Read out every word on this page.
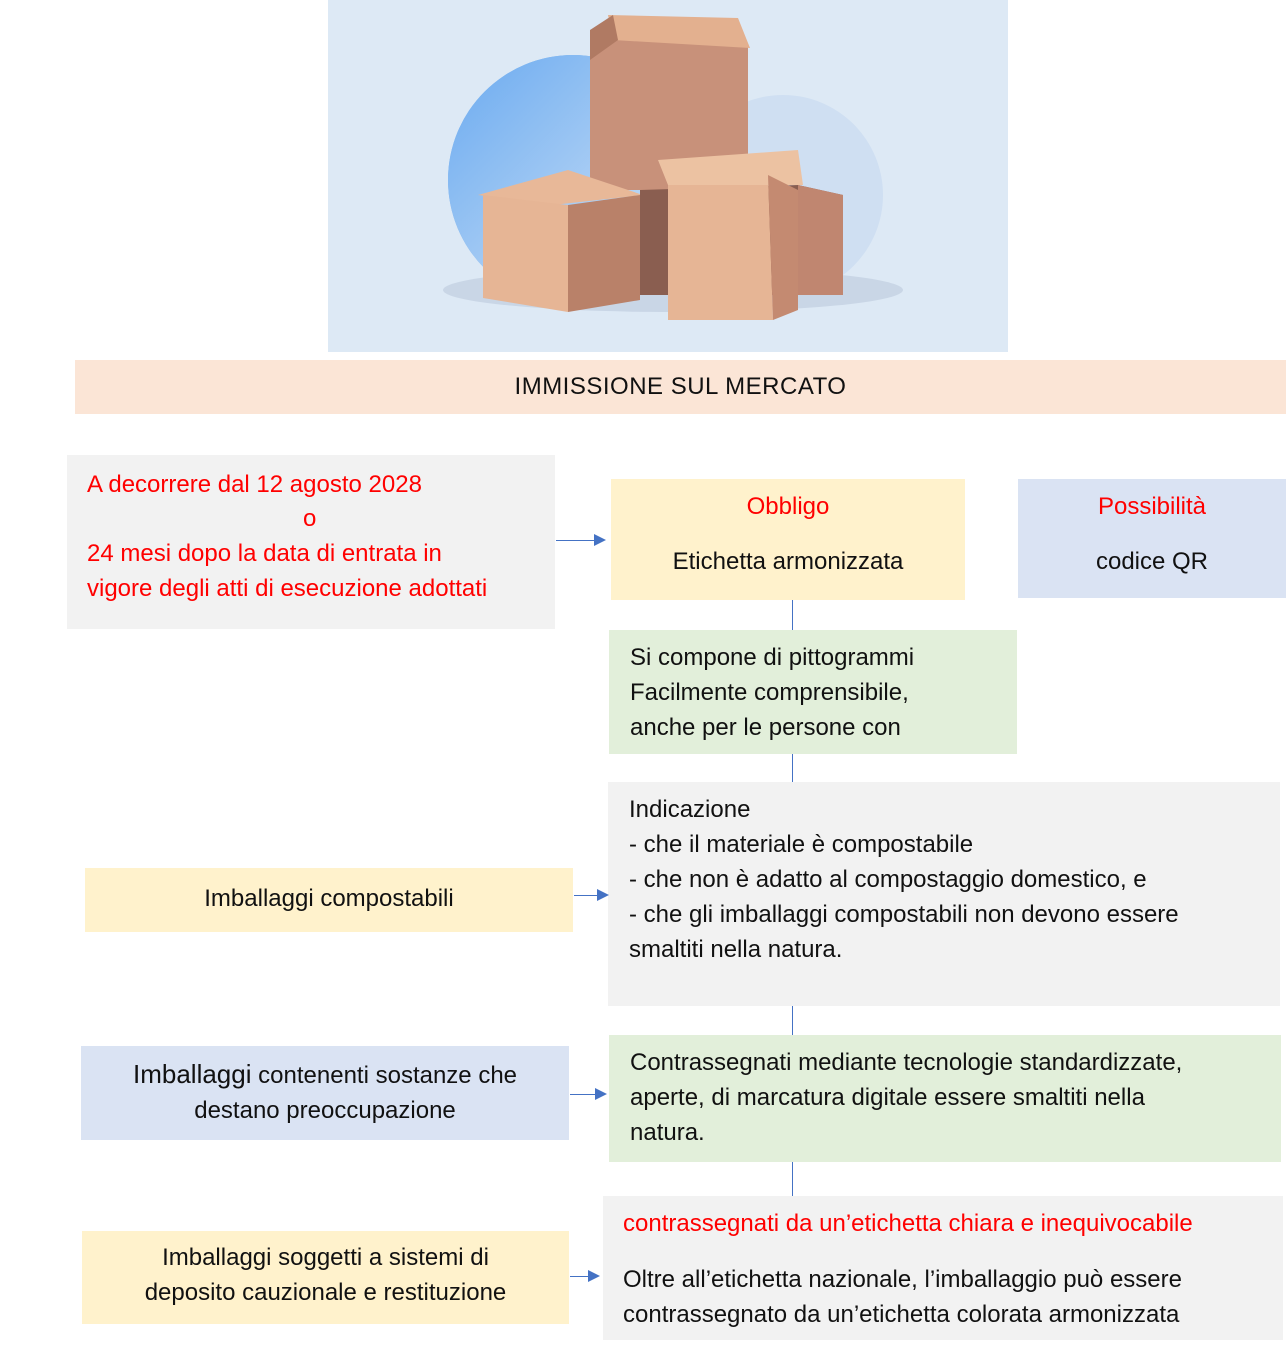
IMMISSIONE SUL MERCATO

A decorrere dal 12 agosto 2028

o

24 mesi dopo la data di entrata in

vigore degli atti di esecuzione adottati

Obbligo

Etichetta armonizzata

Possibilità

codice QR

Si compone di pittogrammi

Facilmente comprensibile,

anche per le persone con

Indicazione

- che il materiale è compostabile

- che non è adatto al compostaggio domestico, e

- che gli imballaggi compostabili non devono essere

smaltiti nella natura.

Imballaggi compostabili

Contrassegnati mediante tecnologie standardizzate,

aperte, di marcatura digitale essere smaltiti nella

natura.

Imballaggi contenenti sostanze che

destano preoccupazione

contrassegnati da un’etichetta chiara e inequivocabile

Oltre all’etichetta nazionale, l’imballaggio può essere

contrassegnato da un’etichetta colorata armonizzata

Imballaggi soggetti a sistemi di

deposito cauzionale e restituzione
